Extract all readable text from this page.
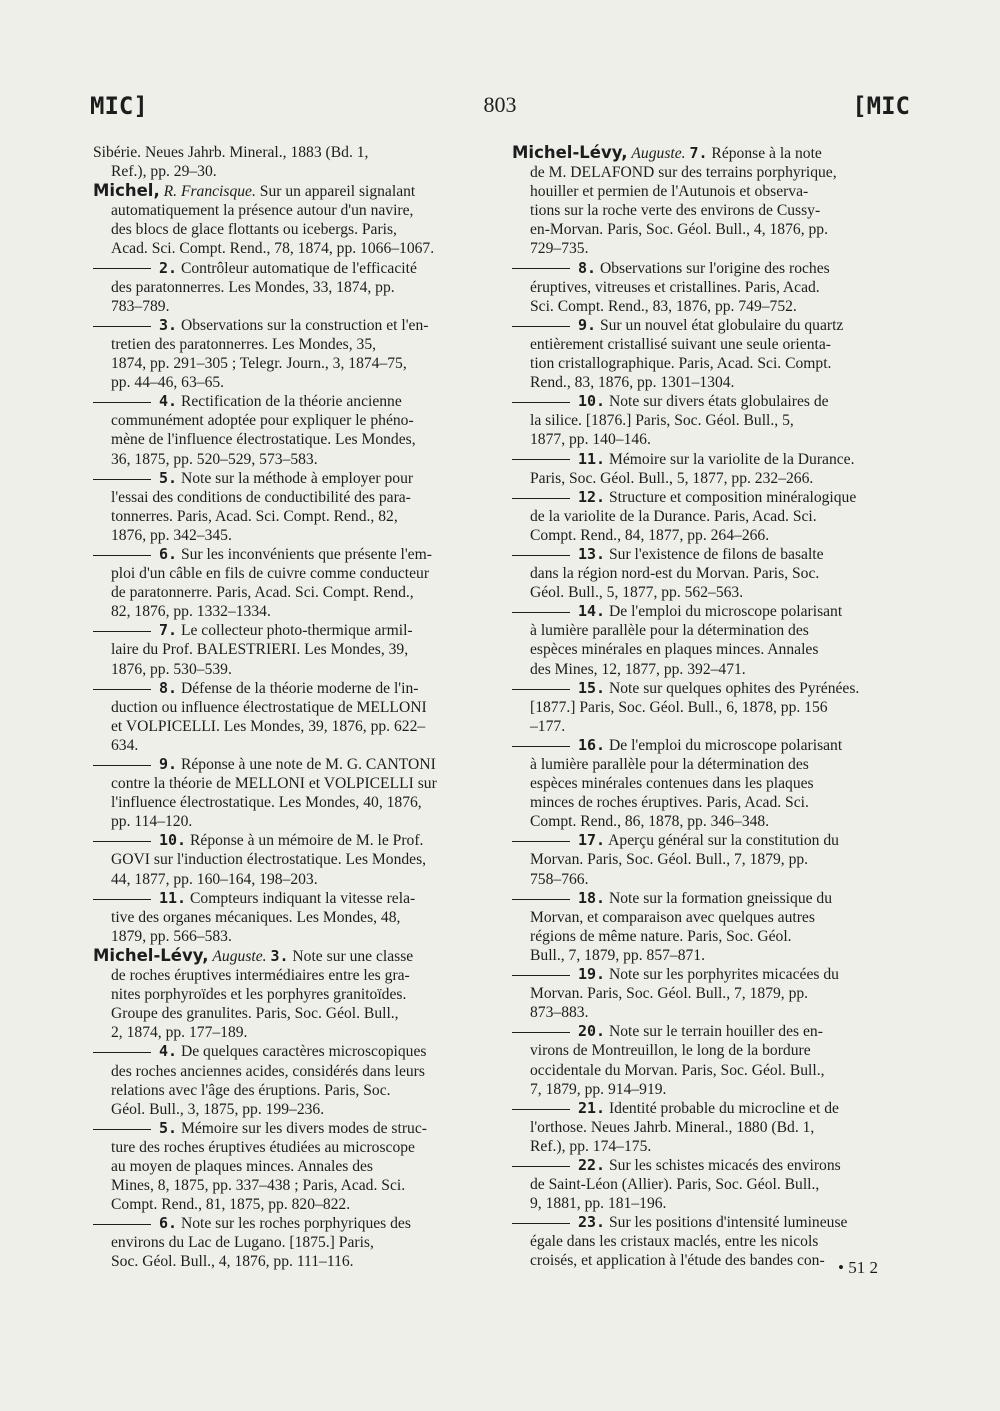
MIC]	803	[MIC
Sibérie. Neues Jahrb. Mineral., 1883 (Bd. 1,
Ref.), pp. 29–30.
Michel, R. Francisque. Sur un appareil signalant
automatiquement la présence autour d'un navire,
des blocs de glace flottants ou icebergs. Paris,
Acad. Sci. Compt. Rend., 78, 1874, pp. 1066–1067.
2. Contrôleur automatique de l'efficacité
des paratonnerres. Les Mondes, 33, 1874, pp.
783–789.
3. Observations sur la construction et l'en-
tretien des paratonnerres. Les Mondes, 35,
1874, pp. 291–305 ; Telegr. Journ., 3, 1874–75,
pp. 44–46, 63–65.
4. Rectification de la théorie ancienne
communément adoptée pour expliquer le phéno-
mène de l'influence électrostatique. Les Mondes,
36, 1875, pp. 520–529, 573–583.
5. Note sur la méthode à employer pour
l'essai des conditions de conductibilité des para-
tonnerres. Paris, Acad. Sci. Compt. Rend., 82,
1876, pp. 342–345.
6. Sur les inconvénients que présente l'em-
ploi d'un câble en fils de cuivre comme conducteur
de paratonnerre. Paris, Acad. Sci. Compt. Rend.,
82, 1876, pp. 1332–1334.
7. Le collecteur photo-thermique armil-
laire du Prof. BALESTRIERI. Les Mondes, 39,
1876, pp. 530–539.
8. Défense de la théorie moderne de l'in-
duction ou influence électrostatique de MELLONI
et VOLPICELLI. Les Mondes, 39, 1876, pp. 622–
634.
9. Réponse à une note de M. G. CANTONI
contre la théorie de MELLONI et VOLPICELLI sur
l'influence électrostatique. Les Mondes, 40, 1876,
pp. 114–120.
10. Réponse à un mémoire de M. le Prof.
GOVI sur l'induction électrostatique. Les Mondes,
44, 1877, pp. 160–164, 198–203.
11. Compteurs indiquant la vitesse rela-
tive des organes mécaniques. Les Mondes, 48,
1879, pp. 566–583.
Michel-Lévy, Auguste. 3. Note sur une classe
de roches éruptives intermédiaires entre les gra-
nites porphyroïdes et les porphyres granitoïdes.
Groupe des granulites. Paris, Soc. Géol. Bull.,
2, 1874, pp. 177–189.
4. De quelques caractères microscopiques
des roches anciennes acides, considérés dans leurs
relations avec l'âge des éruptions. Paris, Soc.
Géol. Bull., 3, 1875, pp. 199–236.
5. Mémoire sur les divers modes de struc-
ture des roches éruptives étudiées au microscope
au moyen de plaques minces. Annales des
Mines, 8, 1875, pp. 337–438 ; Paris, Acad. Sci.
Compt. Rend., 81, 1875, pp. 820–822.
6. Note sur les roches porphyriques des
environs du Lac de Lugano. [1875.] Paris,
Soc. Géol. Bull., 4, 1876, pp. 111–116.
Michel-Lévy, Auguste. 7. Réponse à la note
de M. DELAFOND sur des terrains porphyrique,
houiller et permien de l'Autunois et observa-
tions sur la roche verte des environs de Cussy-
en-Morvan. Paris, Soc. Géol. Bull., 4, 1876, pp.
729–735.
8. Observations sur l'origine des roches
éruptives, vitreuses et cristallines. Paris, Acad.
Sci. Compt. Rend., 83, 1876, pp. 749–752.
9. Sur un nouvel état globulaire du quartz
entièrement cristallisé suivant une seule orienta-
tion cristallographique. Paris, Acad. Sci. Compt.
Rend., 83, 1876, pp. 1301–1304.
10. Note sur divers états globulaires de
la silice. [1876.] Paris, Soc. Géol. Bull., 5,
1877, pp. 140–146.
11. Mémoire sur la variolite de la Durance.
Paris, Soc. Géol. Bull., 5, 1877, pp. 232–266.
12. Structure et composition minéralogique
de la variolite de la Durance. Paris, Acad. Sci.
Compt. Rend., 84, 1877, pp. 264–266.
13. Sur l'existence de filons de basalte
dans la région nord-est du Morvan. Paris, Soc.
Géol. Bull., 5, 1877, pp. 562–563.
14. De l'emploi du microscope polarisant
à lumière parallèle pour la détermination des
espèces minérales en plaques minces. Annales
des Mines, 12, 1877, pp. 392–471.
15. Note sur quelques ophites des Pyrénées.
[1877.] Paris, Soc. Géol. Bull., 6, 1878, pp. 156
–177.
16. De l'emploi du microscope polarisant
à lumière parallèle pour la détermination des
espèces minérales contenues dans les plaques
minces de roches éruptives. Paris, Acad. Sci.
Compt. Rend., 86, 1878, pp. 346–348.
17. Aperçu général sur la constitution du
Morvan. Paris, Soc. Géol. Bull., 7, 1879, pp.
758–766.
18. Note sur la formation gneissique du
Morvan, et comparaison avec quelques autres
régions de même nature. Paris, Soc. Géol.
Bull., 7, 1879, pp. 857–871.
19. Note sur les porphyrites micacées du
Morvan. Paris, Soc. Géol. Bull., 7, 1879, pp.
873–883.
20. Note sur le terrain houiller des en-
virons de Montreuillon, le long de la bordure
occidentale du Morvan. Paris, Soc. Géol. Bull.,
7, 1879, pp. 914–919.
21. Identité probable du microcline et de
l'orthose. Neues Jahrb. Mineral., 1880 (Bd. 1,
Ref.), pp. 174–175.
22. Sur les schistes micacés des environs
de Saint-Léon (Allier). Paris, Soc. Géol. Bull.,
9, 1881, pp. 181–196.
23. Sur les positions d'intensité lumineuse
égale dans les cristaux maclés, entre les nicols
croisés, et application à l'étude des bandes con- • 51 2
